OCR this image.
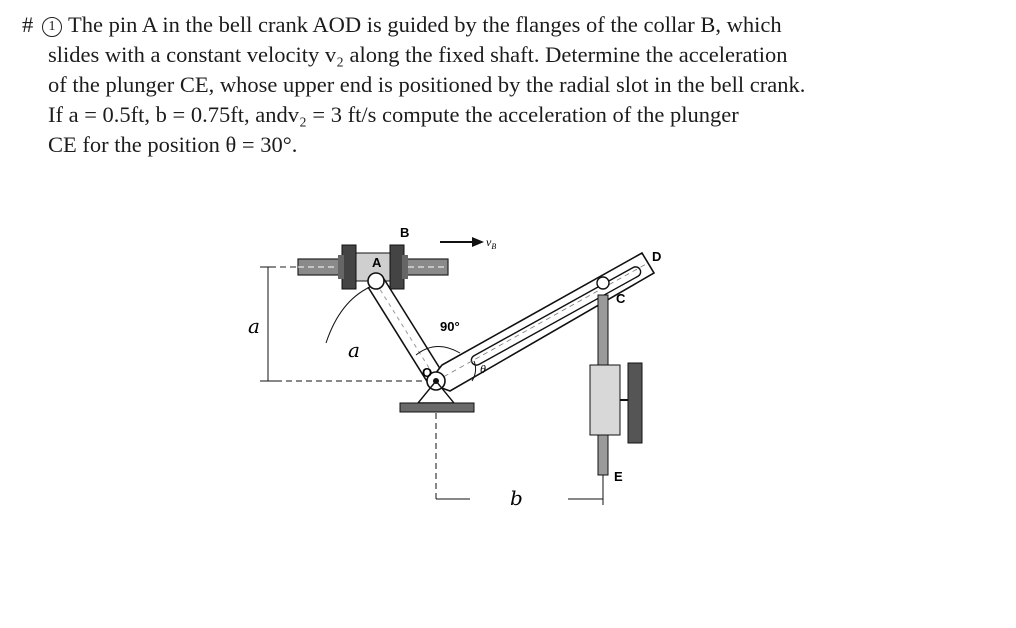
# 1 The pin A in the bell crank AOD is guided by the flanges of the collar B, which
slides with a constant velocity v₂ along the fixed shaft. Determine the acceleration
of the plunger CE, whose upper end is positioned by the radial slot in the bell crank.
If a = 0.5ft, b = 0.75ft, andv₂ = 3 ft/s compute the acceleration of the plunger
CE for the position θ = 30°.
B
$v_B$
A	D
C
O
E
θ
90°
a
a
b
